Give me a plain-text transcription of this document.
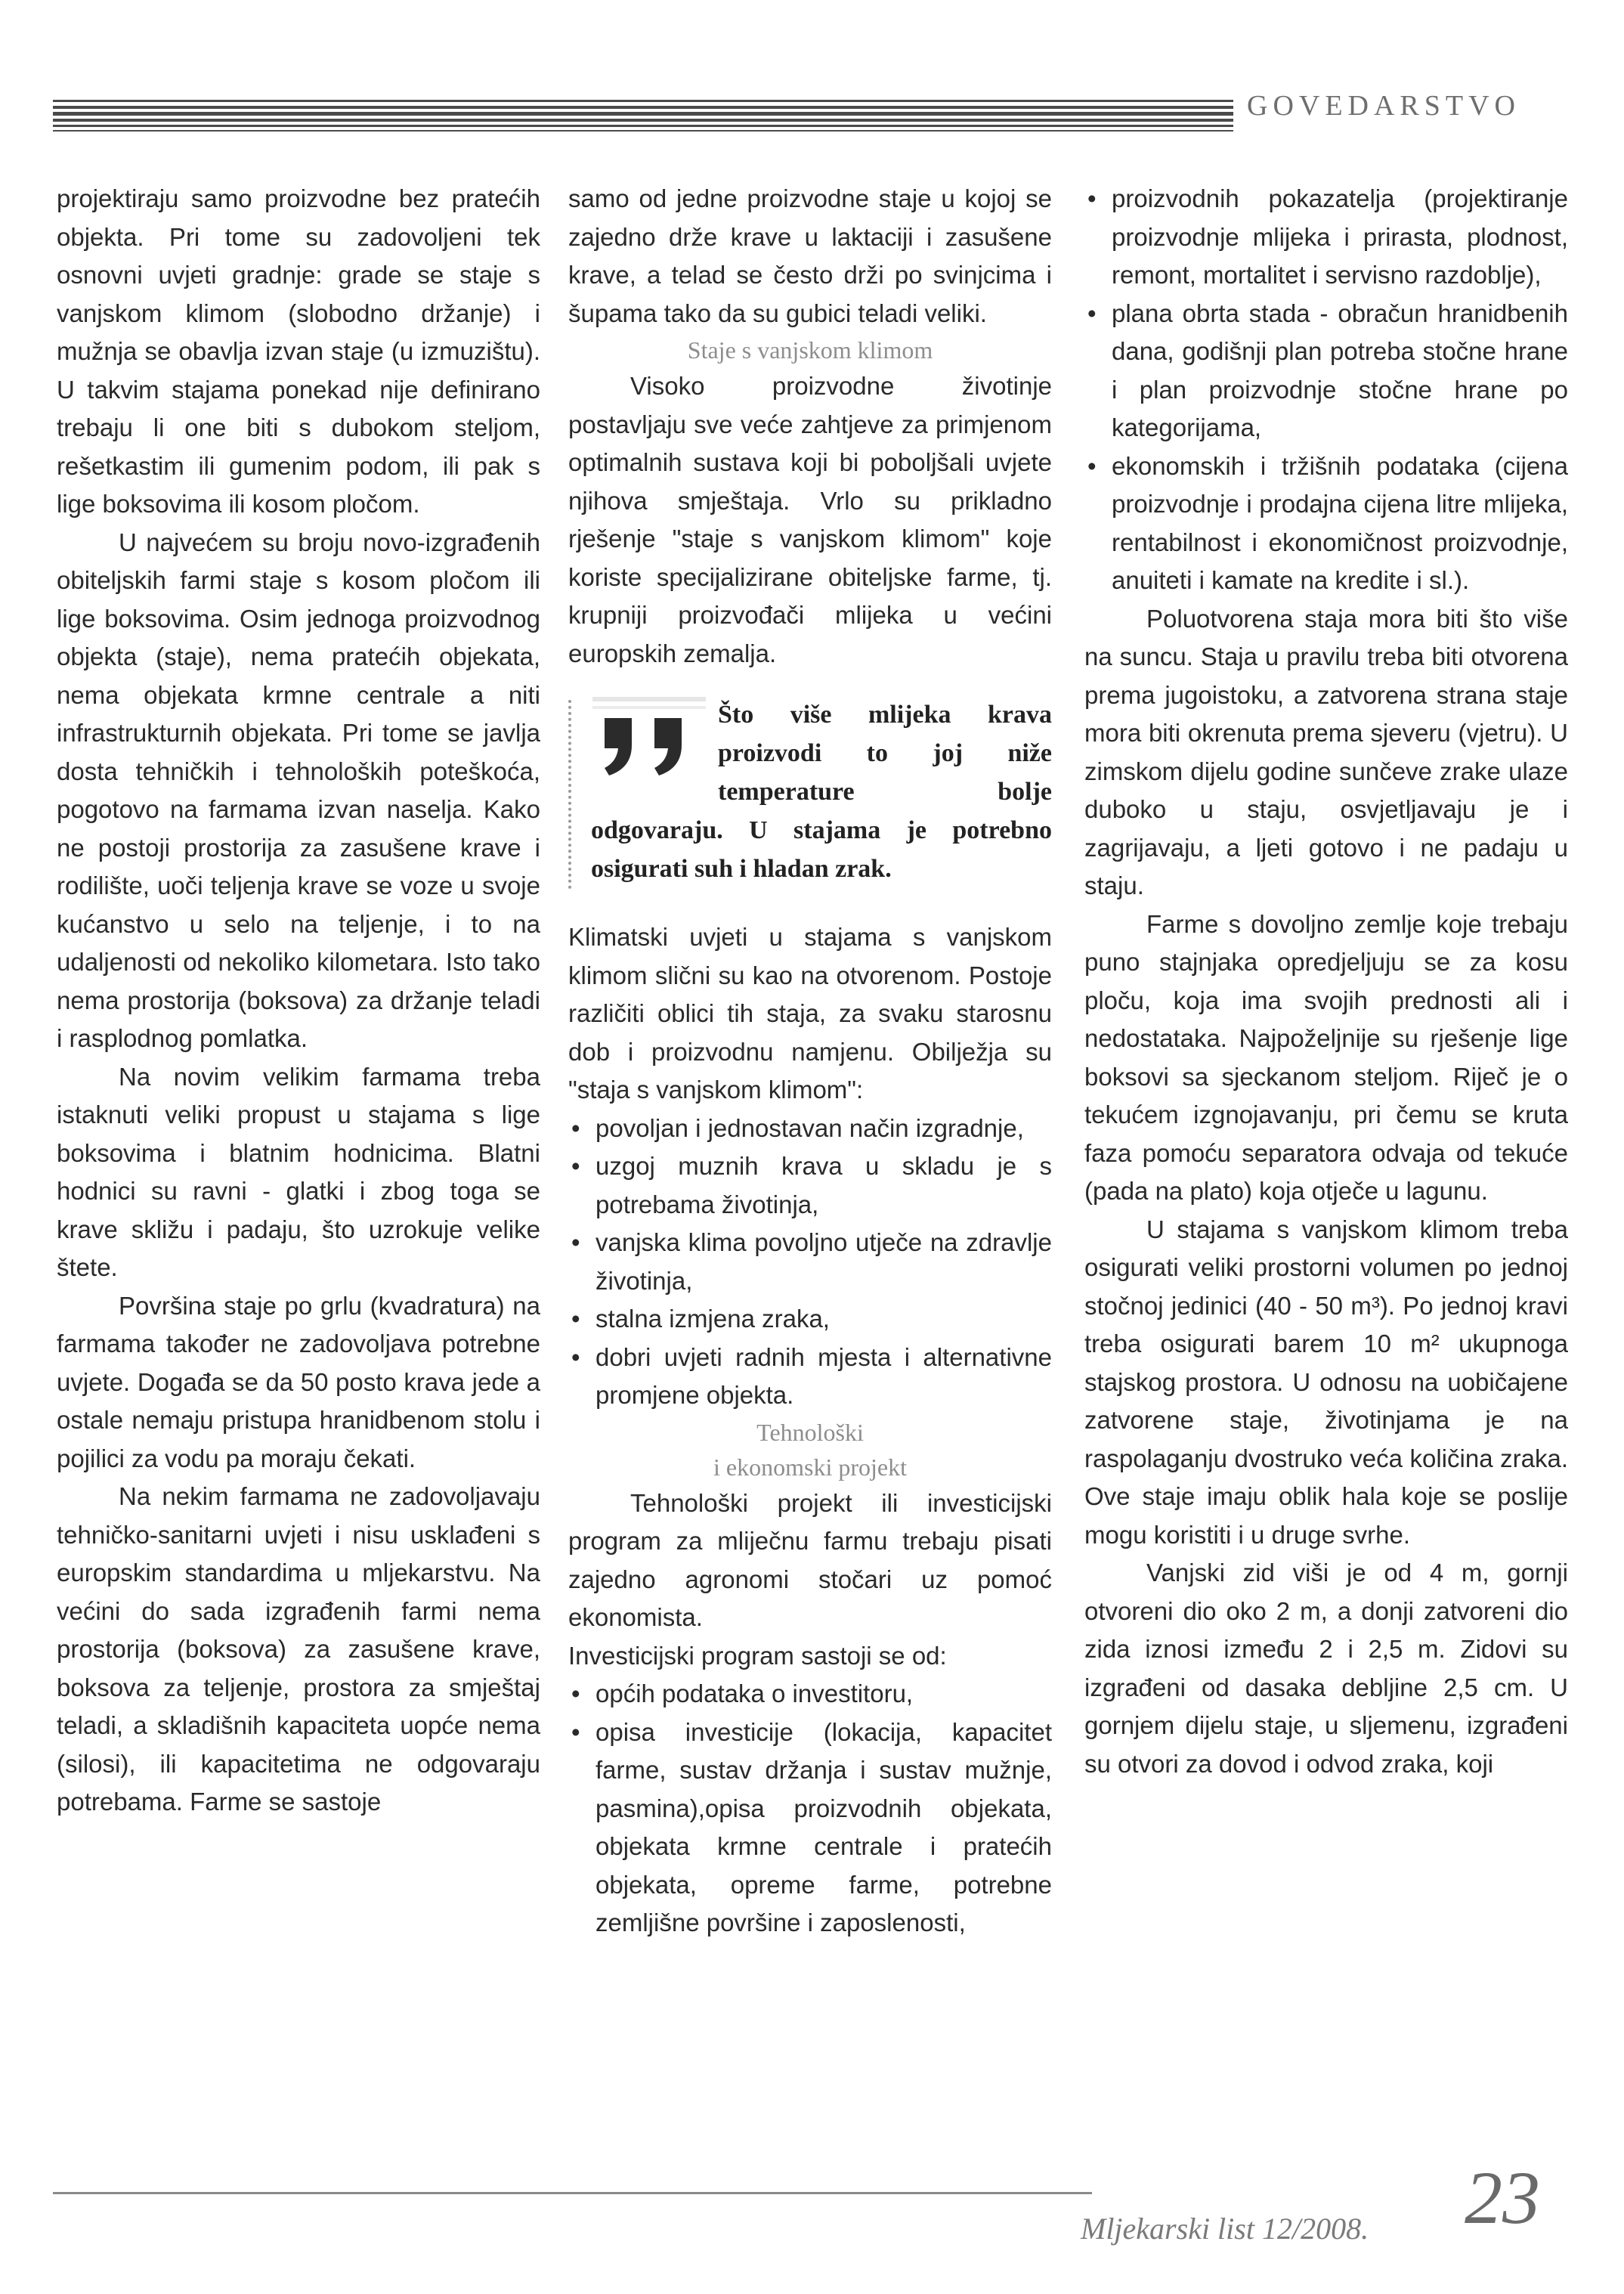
GOVEDARSTVO

projektiraju samo proizvodne bez pratećih objekta. Pri tome su zadovoljeni tek osnovni uvjeti gradnje: grade se staje s vanjskom klimom (slobodno držanje) i mužnja se obavlja izvan staje (u izmuzištu). U takvim stajama ponekad nije definirano trebaju li one biti s dubokom steljom, rešetkastim ili gumenim podom, ili pak s lige boksovima ili kosom pločom.

U najvećem su broju novo-izgrađenih obiteljskih farmi staje s kosom pločom ili lige boksovima. Osim jednoga proizvodnog objekta (staje), nema pratećih objekata, nema objekata krmne centrale a niti infrastrukturnih objekata. Pri tome se javlja dosta tehničkih i tehnoloških poteškoća, pogotovo na farmama izvan naselja. Kako ne postoji prostorija za zasušene krave i rodilište, uoči teljenja krave se voze u svoje kućanstvo u selo na teljenje, i to na udaljenosti od nekoliko kilometara. Isto tako nema prostorija (boksova) za držanje teladi i rasplodnog pomlatka.

Na novim velikim farmama treba istaknuti veliki propust u stajama s lige boksovima i blatnim hodnicima. Blatni hodnici su ravni - glatki i zbog toga se krave skližu i padaju, što uzrokuje velike štete.

Površina staje po grlu (kvadratura) na farmama također ne zadovoljava potrebne uvjete. Događa se da 50 posto krava jede a ostale nemaju pristupa hranidbenom stolu i pojilici za vodu pa moraju čekati.

Na nekim farmama ne zadovoljavaju tehničko-sanitarni uvjeti i nisu usklađeni s europskim standardima u mljekarstvu. Na većini do sada izgrađenih farmi nema prostorija (boksova) za zasušene krave, boksova za teljenje, prostora za smještaj teladi, a skladišnih kapaciteta uopće nema (silosi), ili kapacitetima ne odgovaraju potrebama. Farme se sastoje

samo od jedne proizvodne staje u kojoj se zajedno drže krave u laktaciji i zasušene krave, a telad se često drži po svinjcima i šupama tako da su gubici teladi veliki.

Staje s vanjskom klimom

Visoko proizvodne životinje postavljaju sve veće zahtjeve za primjenom optimalnih sustava koji bi poboljšali uvjete njihova smještaja. Vrlo su prikladno rješenje "staje s vanjskom klimom" koje koriste specijalizirane obiteljske farme, tj. krupniji proizvođači mlijeka u većini europskih zemalja.

Što više mlijeka krava proizvodi to joj niže temperature bolje odgovaraju. U stajama je potrebno osigurati suh i hladan zrak.

Klimatski uvjeti u stajama s vanjskom klimom slični su kao na otvorenom. Postoje različiti oblici tih staja, za svaku starosnu dob i proizvodnu namjenu. Obilježja su "staja s vanjskom klimom":

• povoljan i jednostavan način izgradnje,
• uzgoj muznih krava u skladu je s potrebama životinja,
• vanjska klima povoljno utječe na zdravlje životinja,
• stalna izmjena zraka,
• dobri uvjeti radnih mjesta i alternativne promjene objekta.
Tehnološki
i ekonomski projekt

Tehnološki projekt ili investicijski program za mliječnu farmu trebaju pisati zajedno agronomi stočari uz pomoć ekonomista.

Investicijski program sastoji se od:

• općih podataka o investitoru,
• opisa investicije (lokacija, kapacitet farme, sustav držanja i sustav mužnje, pasmina),opisa proizvodnih objekata, objekata krmne centrale i pratećih objekata, opreme farme, potrebne zemljišne površine i zaposlenosti,
• proizvodnih pokazatelja (projektiranje proizvodnje mlijeka i prirasta, plodnost, remont, mortalitet i servisno razdoblje),
• plana obrta stada - obračun hranidbenih dana, godišnji plan potreba stočne hrane i plan proizvodnje stočne hrane po kategorijama,
• ekonomskih i tržišnih podataka (cijena proizvodnje i prodajna cijena litre mlijeka, rentabilnost i ekonomičnost proizvodnje, anuiteti i kamate na kredite i sl.).

Poluotvorena staja mora biti što više na suncu. Staja u pravilu treba biti otvorena prema jugoistoku, a zatvorena strana staje mora biti okrenuta prema sjeveru (vjetru). U zimskom dijelu godine sunčeve zrake ulaze duboko u staju, osvjetljavaju je i zagrijavaju, a ljeti gotovo i ne padaju u staju.

Farme s dovoljno zemlje koje trebaju puno stajnjaka opredjeljuju se za kosu ploču, koja ima svojih prednosti ali i nedostataka. Najpoželjnije su rješenje lige boksovi sa sjeckanom steljom. Riječ je o tekućem izgnojavanju, pri čemu se kruta faza pomoću separatora odvaja od tekuće (pada na plato) koja otječe u lagunu.

U stajama s vanjskom klimom treba osigurati veliki prostorni volumen po jednoj stočnoj jedinici (40 - 50 m³). Po jednoj kravi treba osigurati barem 10 m² ukupnoga stajskog prostora. U odnosu na uobičajene zatvorene staje, životinjama je na raspolaganju dvostruko veća količina zraka. Ove staje imaju oblik hala koje se poslije mogu koristiti i u druge svrhe.

Vanjski zid viši je od 4 m, gornji otvoreni dio oko 2 m, a donji zatvoreni dio zida iznosi između 2 i 2,5 m. Zidovi su izgrađeni od dasaka debljine 2,5 cm. U gornjem dijelu staje, u sljemenu, izgrađeni su otvori za dovod i odvod zraka, koji

Mljekarski list 12/2008. 23
